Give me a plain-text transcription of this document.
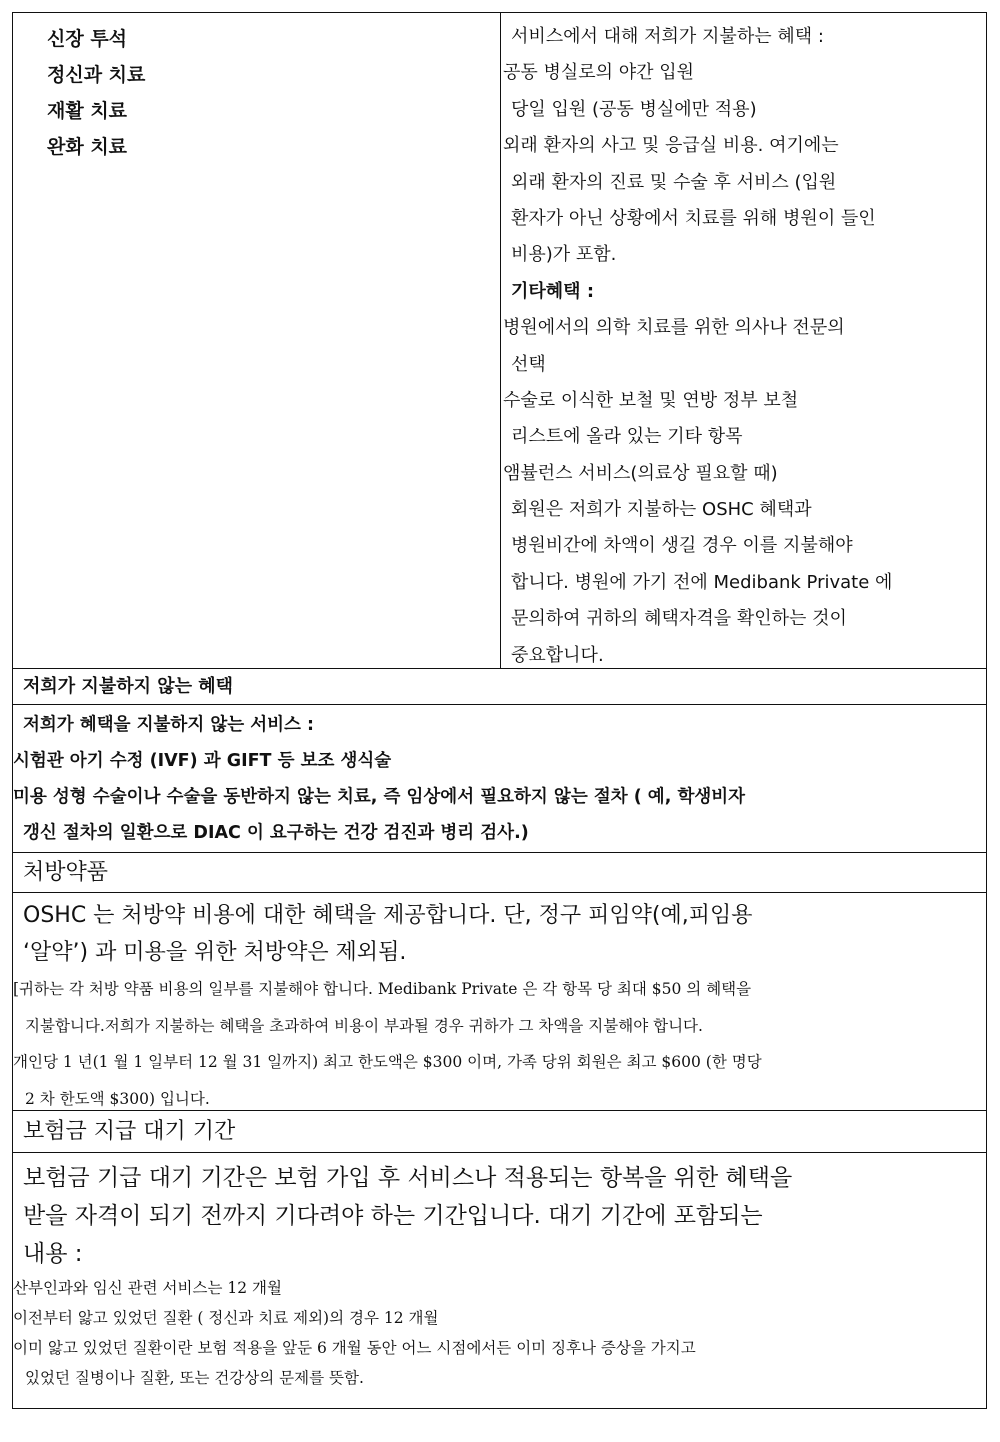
신장 투석
정신과 치료
재활 치료
완화 치료
서비스에서 대해 저희가 지불하는 혜택 :
공동 병실로의 야간 입원
당일 입원 (공동 병실에만 적용)
외래 환자의 사고 및 응급실 비용. 여기에는
외래 환자의 진료 및 수술 후 서비스 (입원
환자가 아닌 상황에서 치료를 위해 병원이 들인
비용)가 포함.
기타혜택 :
병원에서의 의학 치료를 위한 의사나 전문의
선택
수술로 이식한 보철 및 연방 정부 보철
리스트에 올라 있는 기타 항목
앰뷸런스 서비스(의료상 필요할 때)
회원은 저희가 지불하는 OSHC 혜택과
병원비간에 차액이 생길 경우 이를 지불해야
합니다. 병원에 가기 전에 Medibank Private 에
문의하여 귀하의 혜택자격을 확인하는 것이
중요합니다.
저희가 지불하지 않는 혜택
저희가 혜택을 지불하지 않는 서비스 :
시험관 아기 수정 (IVF) 과 GIFT 등 보조 생식술
미용 성형 수술이나 수술을 동반하지 않는 치료, 즉 임상에서 필요하지 않는 절차 ( 예, 학생비자
갱신 절차의 일환으로 DIAC 이 요구하는 건강 검진과 병리 검사.)
처방약품
OSHC 는 처방약 비용에 대한 혜택을 제공합니다. 단, 정구 피임약(예,피임용
‘알약’) 과 미용을 위한 처방약은 제외됨.
[귀하는 각 처방 약품 비용의 일부를 지불해야 합니다. Medibank Private 은 각 항목 당 최대 $50 의 혜택을
지불합니다.저희가 지불하는 혜택을 초과하여 비용이 부과될 경우 귀하가 그 차액을 지불해야 합니다.
개인당 1 년(1 월 1 일부터 12 월 31 일까지) 최고 한도액은 $300 이며, 가족 당위 회원은 최고 $600 (한 명당
2 차 한도액 $300) 입니다.
보험금 지급 대기 기간
보험금 기급 대기 기간은 보험 가입 후 서비스나 적용되는 항복을 위한 혜택을
받을 자격이 되기 전까지 기다려야 하는 기간입니다. 대기 기간에 포함되는
내용 :
산부인과와 임신 관련 서비스는 12 개월
이전부터 앓고 있었던 질환 ( 정신과 치료 제외)의 경우 12 개월
이미 앓고 있었던 질환이란 보험 적용을 앞둔 6 개월 동안 어느 시점에서든 이미 징후나 증상을 가지고
있었던 질병이나 질환, 또는 건강상의 문제를 뜻함.
